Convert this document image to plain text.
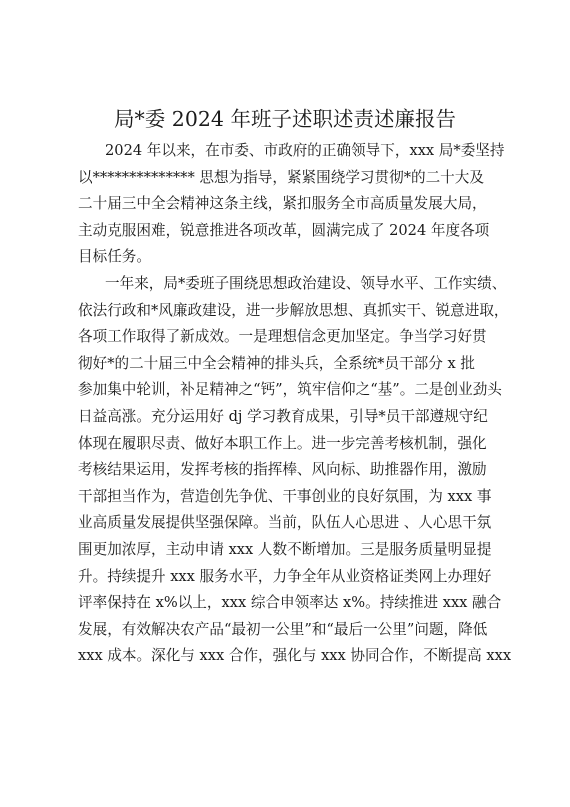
局*委 2024 年班子述职述责述廉报告
2024 年以来，在市委、市政府的正确领导下，xxx 局*委坚持
以************** 思想为指导，紧紧围绕学习贯彻*的二十大及
二十届三中全会精神这条主线，紧扣服务全市高质量发展大局，
主动克服困难，锐意推进各项改革，圆满完成了 2024 年度各项
目标任务。
一年来，局*委班子围绕思想政治建设、领导水平、工作实绩、
依法行政和*风廉政建设，进一步解放思想、真抓实干、锐意进取，
各项工作取得了新成效。一是理想信念更加坚定。争当学习好贯
彻好*的二十届三中全会精神的排头兵，全系统*员干部分 x 批
参加集中轮训，补足精神之“钙”，筑牢信仰之“基”。二是创业劲头
日益高涨。充分运用好 dj 学习教育成果，引导*员干部遵规守纪
体现在履职尽责、做好本职工作上。进一步完善考核机制，强化
考核结果运用，发挥考核的指挥棒、风向标、助推器作用，激励
干部担当作为，营造创先争优、干事创业的良好氛围，为 xxx 事
业高质量发展提供坚强保障。当前，队伍人心思进 、人心思干氛
围更加浓厚，主动申请 xxx 人数不断增加。三是服务质量明显提
升。持续提升 xxx 服务水平，力争全年从业资格证类网上办理好
评率保持在 x%以上，xxx 综合申领率达 x%。持续推进 xxx 融合
发展，有效解决农产品“最初一公里”和“最后一公里”问题，降低
xxx 成本。深化与 xxx 合作，强化与 xxx 协同合作，不断提高 xxx
